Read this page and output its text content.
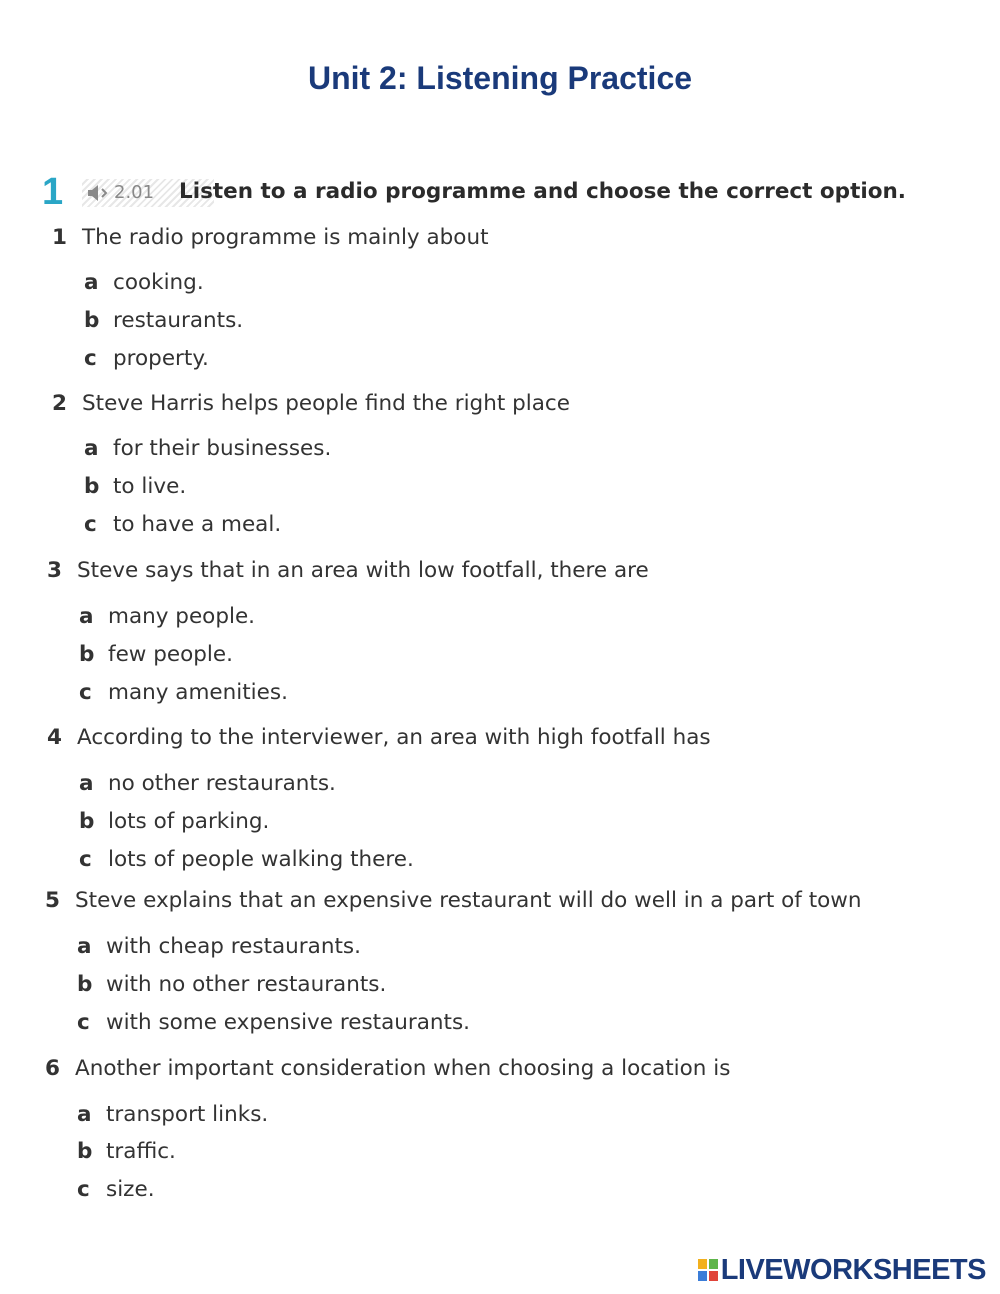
Unit 2: Listening Practice
1	2.01 Listen to a radio programme and choose the correct option.
1 The radio programme is mainly about
a cooking.
b restaurants.
c property.
2 Steve Harris helps people find the right place
a for their businesses.
b to live.
c to have a meal.
3 Steve says that in an area with low footfall, there are
a many people.
b few people.
c many amenities.
4 According to the interviewer, an area with high footfall has
a no other restaurants.
b lots of parking.
c lots of people walking there.
5 Steve explains that an expensive restaurant will do well in a part of town
a with cheap restaurants.
b with no other restaurants.
c with some expensive restaurants.
6 Another important consideration when choosing a location is
a transport links.
b traffic.
c size.
LIVEWORKSHEETS
